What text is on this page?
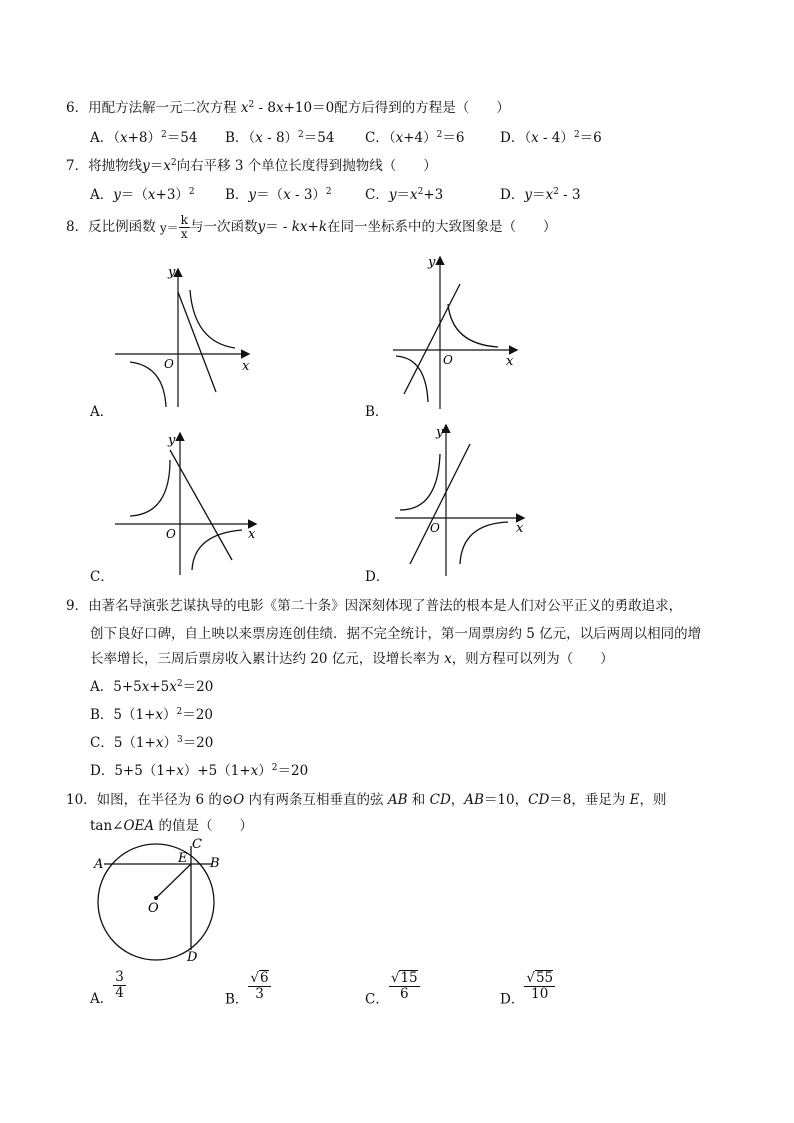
6．用配方法解一元二次方程 $x^2 - 8x+10=0$配方后得到的方程是（　　）
A．$(x+8)^2=54$ B．（x - 8）$^2$＝54 C．$(x+4)^2=6$	D．（x - 4）$^2$＝6
7．将抛物线$y=x^2$向右平移 3 个单位长度得到抛物线（　　）
A．$y=(x+3)^2$ B．y＝（x - 3）$^2$ C．$y=x^2+3$	D．$y=x^2 - 3$
8．反比例函数 $y= \frac{k}{x}$ 与一次函数y＝ - kx+k在同一坐标系中的大致图象是（　　）
y
x
O
A．
y
x
O
B．
y
x
O
C．
y
x
O
D．
9．由著名导演张艺谋执导的电影《第二十条》因深刻体现了普法的根本是人们对公平正义的勇敢追求，
创下良好口碑，自上映以来票房连创佳绩．据不完全统计，第一周票房约 5 亿元，以后两周以相同的增
长率增长，三周后票房收入累计达约 20 亿元，设增长率为 x，则方程可以列为（　　）
A．$5+5x+5x^2=20$
B．$5(1+x)^2=20$
C．$5(1+x)^3=20$
D．$5+5(1+x)+5(1+x)^2=20$
10．如图，在半径为 6 的⊙O 内有两条互相垂直的弦 AB 和 CD，AB＝10，CD＝8，垂足为 E，则
tan∠OEA 的值是（　　）
A	B
C
E
D
O
A． $\frac{3}{4}$	B． $\frac{√6}{3}$	C． $\frac{√15}{6}$	D． $\frac{√55}{10}$
